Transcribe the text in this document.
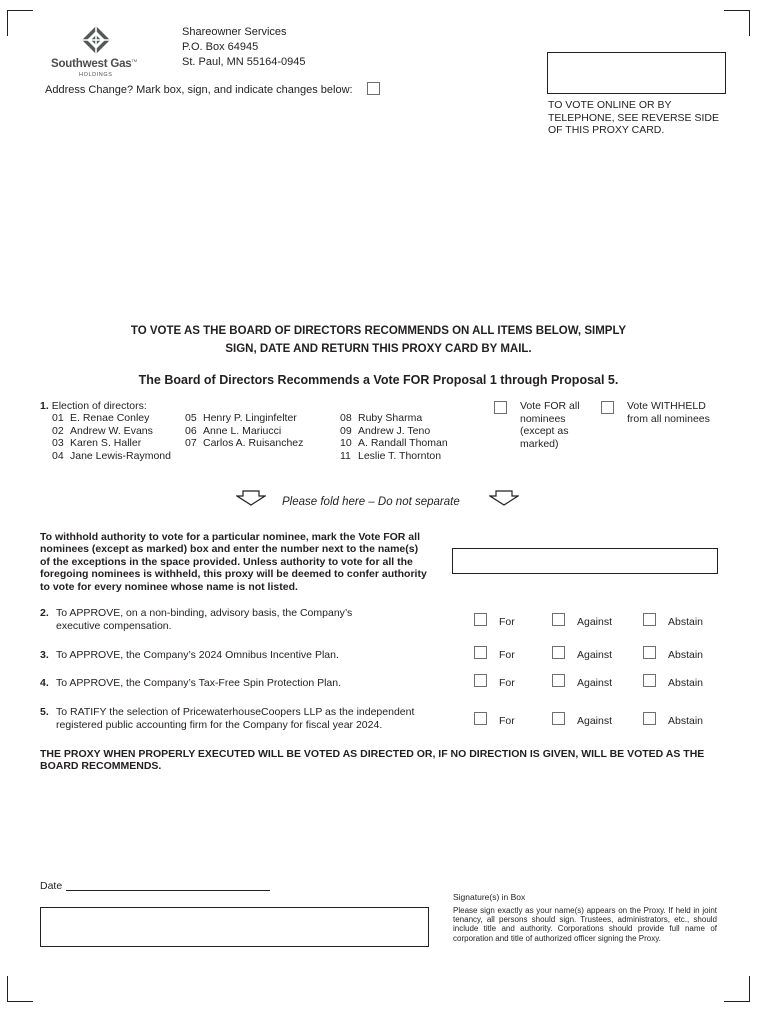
Southwest Gas™
HOLDINGS
Shareowner Services
P.O. Box 64945
St. Paul, MN 55164-0945
Address Change? Mark box, sign, and indicate changes below:
TO VOTE ONLINE OR BY TELEPHONE, SEE REVERSE SIDE OF THIS PROXY CARD.
TO VOTE AS THE BOARD OF DIRECTORS RECOMMENDS ON ALL ITEMS BELOW, SIMPLY
SIGN, DATE AND RETURN THIS PROXY CARD BY MAIL.
The Board of Directors Recommends a Vote FOR Proposal 1 through Proposal 5.
1. Election of directors:
01 E. Renae Conley
02 Andrew W. Evans
03 Karen S. Haller
04 Jane Lewis-Raymond
05 Henry P. Linginfelter
06 Anne L. Mariucci
07 Carlos A. Ruisanchez
08 Ruby Sharma
09 Andrew J. Teno
10 A. Randall Thoman
11 Leslie T. Thornton
Vote FOR all nominees (except as marked)
Vote WITHHELD from all nominees
Please fold here – Do not separate
To withhold authority to vote for a particular nominee, mark the Vote FOR all nominees (except as marked) box and enter the number next to the name(s) of the exceptions in the space provided. Unless authority to vote for all the foregoing nominees is withheld, this proxy will be deemed to confer authority to vote for every nominee whose name is not listed.
2. To APPROVE, on a non-binding, advisory basis, the Company’s executive compensation.	For	Against	Abstain
3. To APPROVE, the Company’s 2024 Omnibus Incentive Plan.	For	Against	Abstain
4. To APPROVE, the Company’s Tax-Free Spin Protection Plan.	For	Against	Abstain
5. To RATIFY the selection of PricewaterhouseCoopers LLP as the independent registered public accounting firm for the Company for fiscal year 2024.	For	Against	Abstain
THE PROXY WHEN PROPERLY EXECUTED WILL BE VOTED AS DIRECTED OR, IF NO DIRECTION IS GIVEN, WILL BE VOTED AS THE BOARD RECOMMENDS.
Date
Signature(s) in Box
Please sign exactly as your name(s) appears on the Proxy. If held in joint tenancy, all persons should sign. Trustees, administrators, etc., should include title and authority. Corporations should provide full name of corporation and title of authorized officer signing the Proxy.
